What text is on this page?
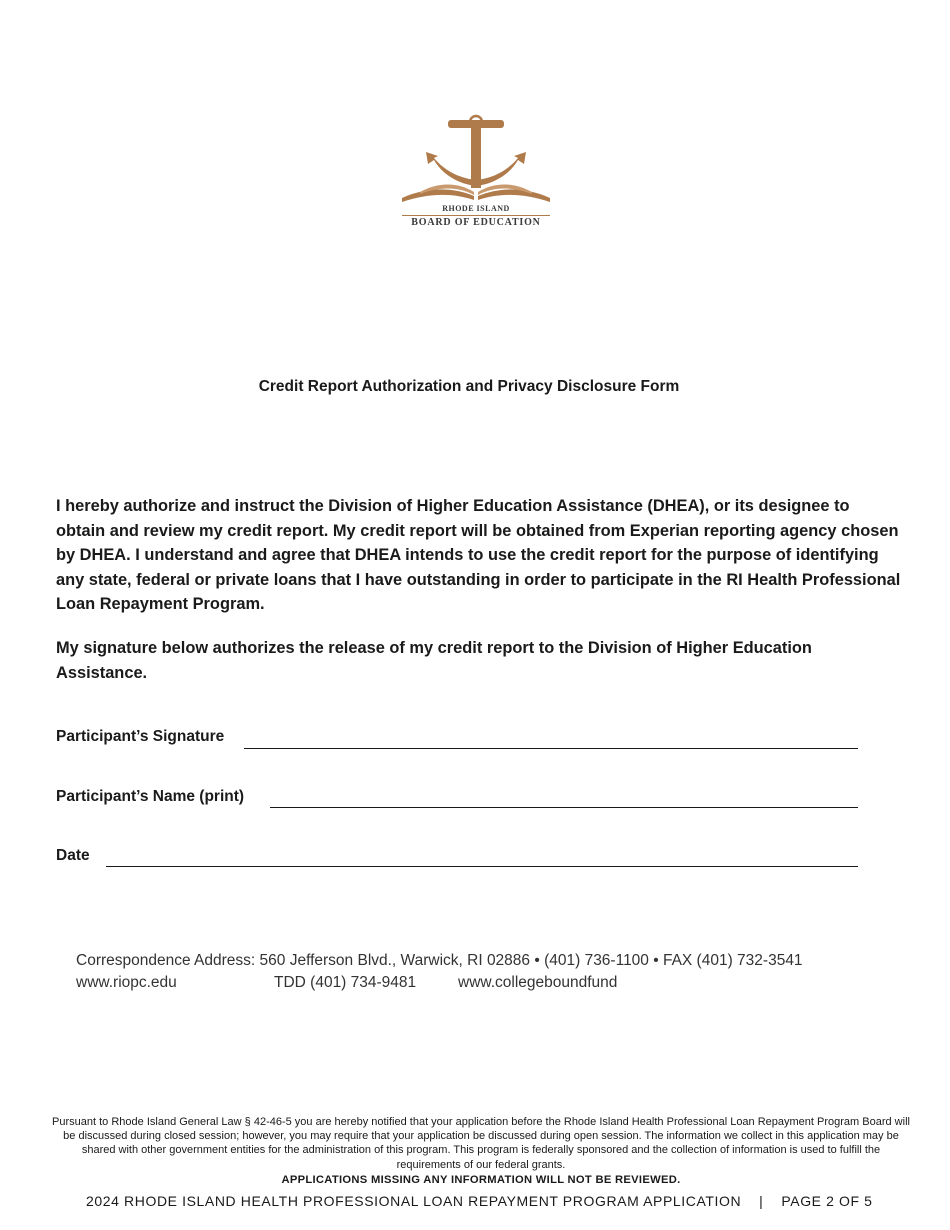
RHODE ISLAND
BOARD OF EDUCATION
Credit Report Authorization and Privacy Disclosure Form

I hereby authorize and instruct the Division of Higher Education Assistance (DHEA), or its designee to obtain and review my credit report. My credit report will be obtained from Experian reporting agency chosen by DHEA. I understand and agree that DHEA intends to use the credit report for the purpose of identifying any state, federal or private loans that I have outstanding in order to participate in the RI Health Professional Loan Repayment Program.

My signature below authorizes the release of my credit report to the Division of Higher Education Assistance.

Participant’s Signature
Participant’s Name (print)
Date
Correspondence Address: 560 Jefferson Blvd., Warwick, RI 02886 • (401) 736-1100 • FAX (401) 732-3541
www.riopc.edu	TDD (401) 734-9481	www.collegeboundfund
Pursuant to Rhode Island General Law § 42-46-5 you are hereby notified that your application before the Rhode Island Health Professional Loan Repayment Program Board will be discussed during closed session; however, you may require that your application be discussed during open session. The information we collect in this application may be shared with other government entities for the administration of this program. This program is federally sponsored and the collection of information is used to fulfill the requirements of our federal grants.
APPLICATIONS MISSING ANY INFORMATION WILL NOT BE REVIEWED.
2024 RHODE ISLAND HEALTH PROFESSIONAL LOAN REPAYMENT PROGRAM APPLICATION    |    PAGE 2 OF 5
